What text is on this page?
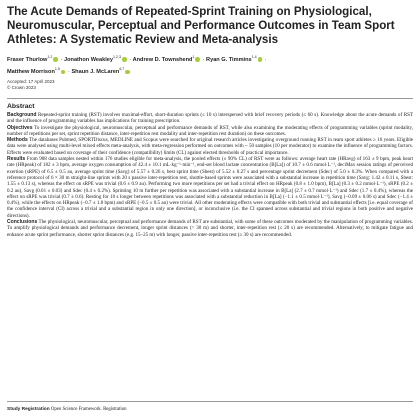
The Acute Demands of Repeated-Sprint Training on Physiological, Neuromuscular, Perceptual and Performance Outcomes in Team Sport Athletes: A Systematic Review and Meta-analysis
Fraser Thurlow$^{1,2}$ · Jonathon Weakley$^{1,2,3}$ · Andrew D. Townshend$^1$ · Ryan G. Timmins$^{1,4}$ ·
Matthew Morrison$^{1,5}$ · Shaun J. McLaren$^{6,7}$
Accepted: 17 April 2023
© Crown 2023
Abstract

Background Repeated-sprint training (RST) involves maximal-effort, short-duration sprints (≤ 10 s) interspersed with brief recovery periods (≤ 60 s). Knowledge about the acute demands of RST and the influence of programming variables has implications for training prescription.

Objectives To investigate the physiological, neuromuscular, perceptual and performance demands of RST, while also examining the moderating effects of programming variables (sprint modality, number of repetitions per set, sprint repetition distance, inter-repetition rest modality and inter-repetition rest duration) on these outcomes.

Methods The databases Pubmed, SPORTDiscus, MEDLINE and Scopus were searched for original research articles investigating overground running RST in team sport athletes ≥ 16 years. Eligible data were analysed using multi-level mixed effects meta-analysis, with meta-regression performed on outcomes with ~ 50 samples (10 per moderator) to examine the influence of programming factors. Effects were evaluated based on coverage of their confidence (compatibility) limits (CL) against elected thresholds of practical importance.

Results From 908 data samples nested within 176 studies eligible for meta-analysis, the pooled effects (± 90% CL) of RST were as follows: average heart rate (HRavg) of 163 ± 9 bpm, peak heart rate (HRpeak) of 182 ± 3 bpm, average oxygen consumption of 42.4 ± 10.1 mL·kg⁻¹·min⁻¹, end-set blood lactate concentration (B[La]) of 10.7 ± 0.6 mmol·L⁻¹, deciMax session ratings of perceived exertion (sRPE) of 6.5 ± 0.5 au, average sprint time (Savg) of 5.57 ± 0.26 s, best sprint time (Sbest) of 5.52 ± 0.27 s and percentage sprint decrement (Sdec) of 5.0 ± 0.3%. When compared with a reference protocol of 6 × 30 m straight-line sprints with 20 s passive inter-repetition rest, shuttle-based sprints were associated with a substantial increase in repetition time (Savg: 1.42 ± 0.11 s, Sbest: 1.55 ± 0.13 s), whereas the effect on sRPE was trivial (0.6 ± 0.9 au). Performing two more repetitions per set had a trivial effect on HRpeak (0.8 ± 1.0 bpm), B[La] (0.3 ± 0.2 mmol·L⁻¹), sRPE (0.2 ± 0.2 au), Savg (0.01 ± 0.03) and Sdec (0.4 ± 0.2%). Sprinting 10 m further per repetition was associated with a substantial increase in B[La] (2.7 ± 0.7 mmol·L⁻¹) and Sdec (1.7 ± 0.4%), whereas the effect on sRPE was trivial (0.7 ± 0.6). Resting for 10 s longer between repetitions was associated with a substantial reduction in B[La] (−1.1 ± 0.5 mmol·L⁻¹), Savg (−0.09 ± 0.06 s) and Sdec (−1.4 ± 0.4%), while the effects on HRpeak (−0.7 ± 1.8 bpm) and sRPE (−0.5 ± 0.5 au) were trivial. All other moderating effects were compatible with both trivial and substantial effects [i.e. equal coverage of the confidence interval (CI) across a trivial and a substantial region in only one direction], or inconclusive (i.e. the CI spanned across substantial and trivial regions in both positive and negative directions).

Conclusions The physiological, neuromuscular, perceptual and performance demands of RST are substantial, with some of these outcomes moderated by the manipulation of programming variables. To amplify physiological demands and performance decrement, longer sprint distances (> 30 m) and shorter, inter-repetition rest (≤ 20 s) are recommended. Alternatively, to mitigate fatigue and enhance acute sprint performance, shorter sprint distances (e.g. 15–25 m) with longer, passive inter-repetition rest (≥ 30 s) are recommended.

Study Registration Open Science Framework. Registration
